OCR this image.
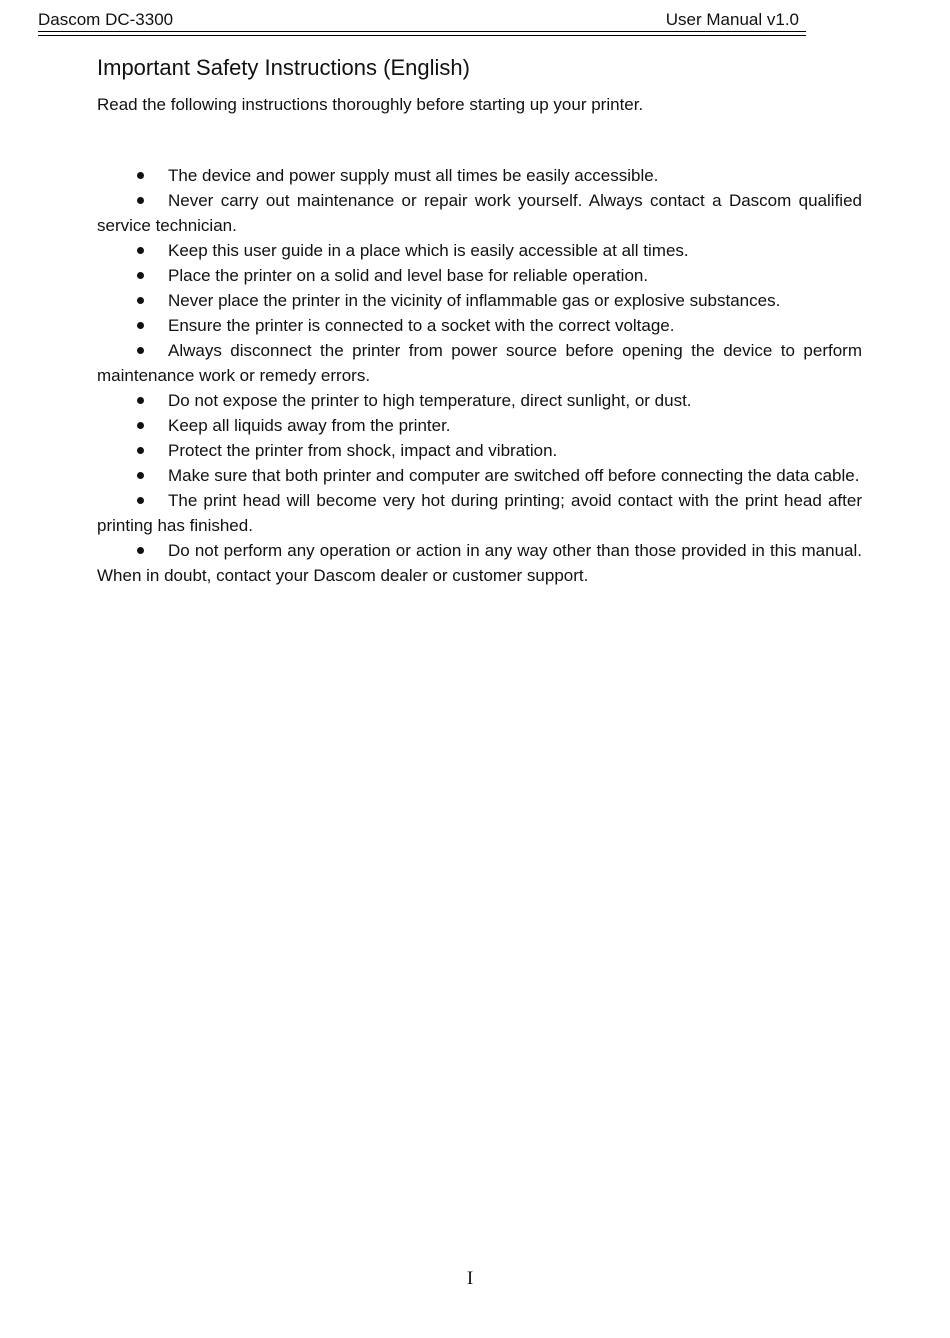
Dascom DC-3300	User Manual v1.0
Important Safety Instructions (English)
Read the following instructions thoroughly before starting up your printer.
The device and power supply must all times be easily accessible.
Never carry out maintenance or repair work yourself. Always contact a Dascom qualified service technician.
Keep this user guide in a place which is easily accessible at all times.
Place the printer on a solid and level base for reliable operation.
Never place the printer in the vicinity of inflammable gas or explosive substances.
Ensure the printer is connected to a socket with the correct voltage.
Always disconnect the printer from power source before opening the device to perform maintenance work or remedy errors.
Do not expose the printer to high temperature, direct sunlight, or dust.
Keep all liquids away from the printer.
Protect the printer from shock, impact and vibration.
Make sure that both printer and computer are switched off before connecting the data cable.
The print head will become very hot during printing; avoid contact with the print head after printing has finished.
Do not perform any operation or action in any way other than those provided in this manual. When in doubt, contact your Dascom dealer or customer support.
I
